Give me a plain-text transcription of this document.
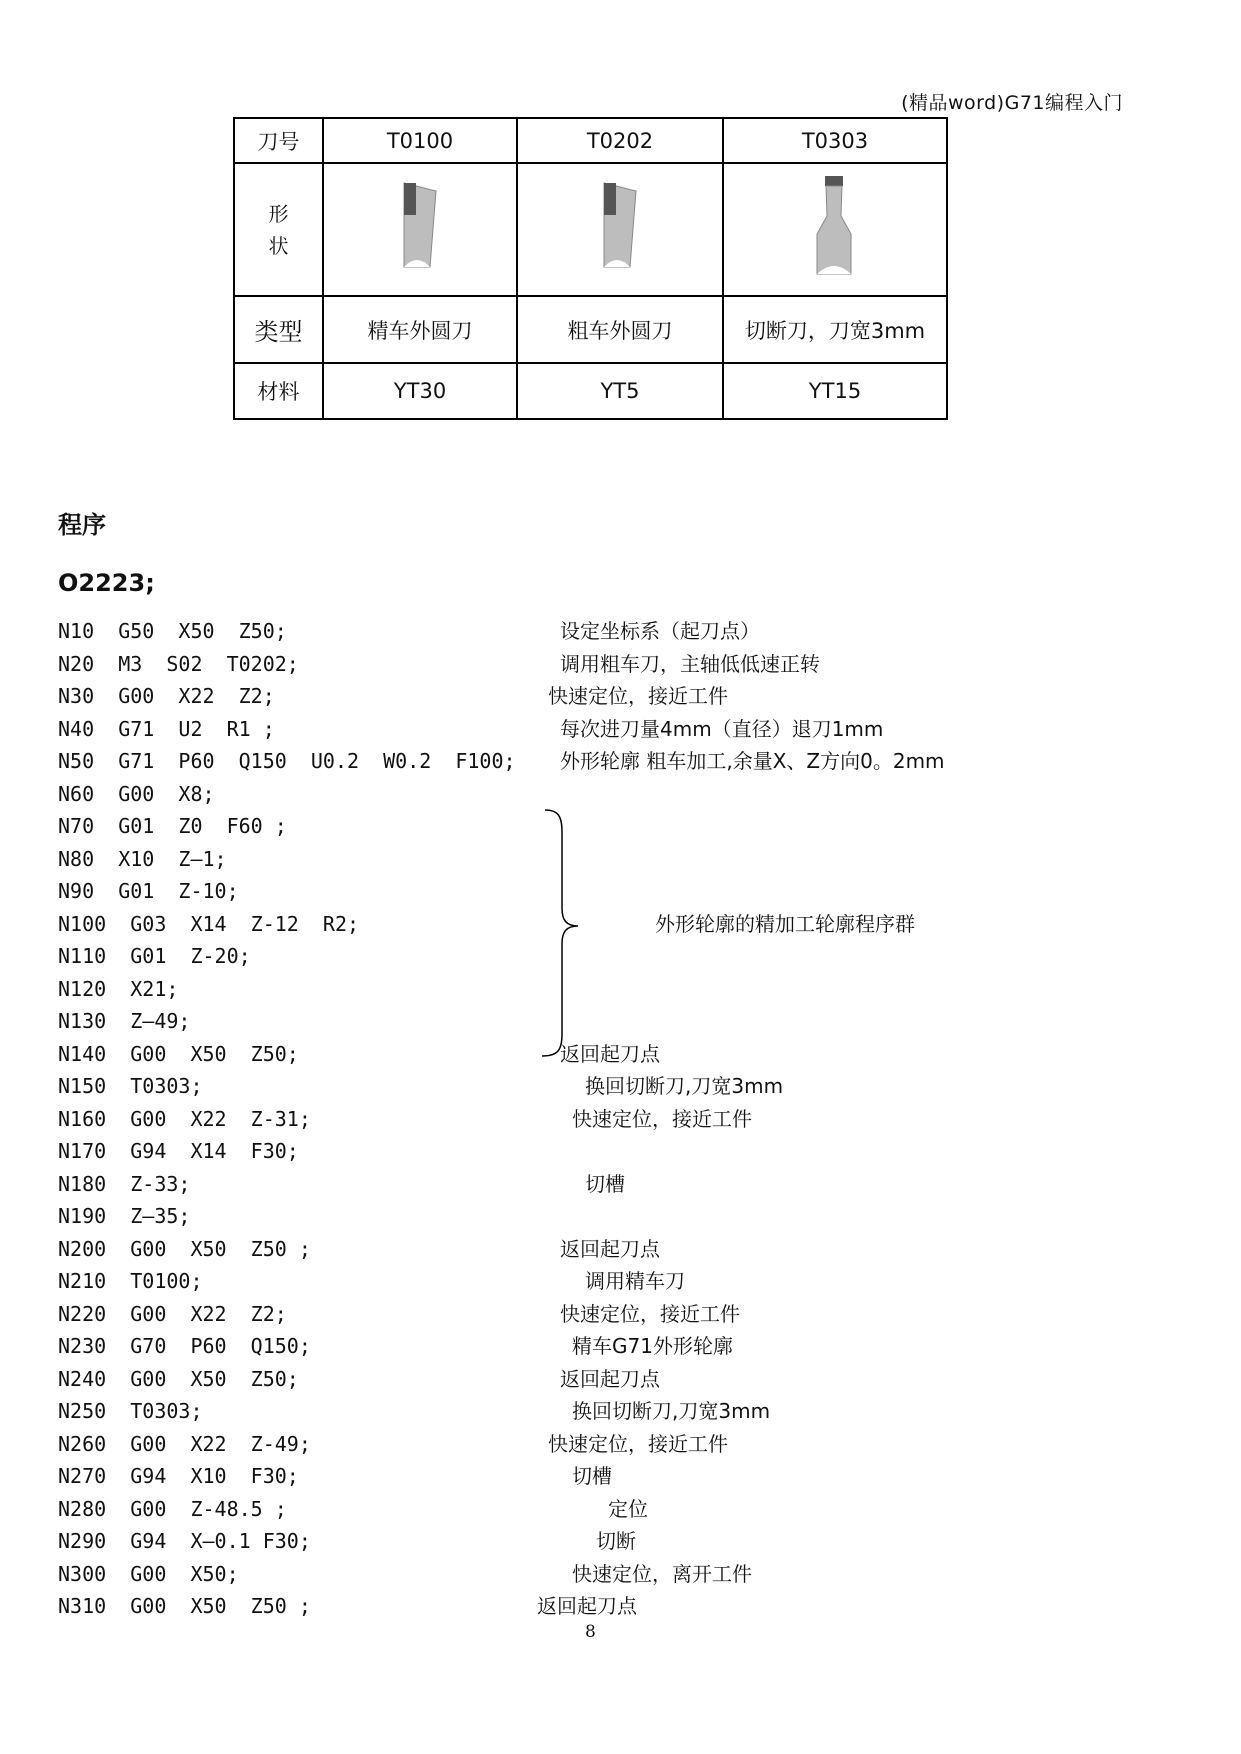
(精品word)G71编程入门
刀号	T0100	T0202	T0303
形状			
类型	精车外圆刀	粗车外圆刀	切断刀，刀宽3mm
材料	YT30	YT5	YT15
程序
O2223;
N10  G50  X50  Z50;	设定坐标系（起刀点）
N20  M3  S02  T0202;	调用粗车刀，主轴低低速正转
N30  G00  X22  Z2;	快速定位，接近工件
N40  G71  U2  R1 ;	每次进刀量4mm（直径）退刀1mm
N50  G71  P60  Q150  U0.2  W0.2  F100; 外形轮廓 粗车加工,余量X、Z方向0。2mm
N60  G00  X8;
N70  G01  Z0  F60 ;
N80  X10  Z—1;
N90  G01  Z-10;
N100  G03  X14  Z-12  R2;
N110  G01  Z-20;
N120  X21;
N130  Z—49;
N140  G00  X50  Z50;	返回起刀点
N150  T0303;	换回切断刀,刀宽3mm
N160  G00  X22  Z-31;	快速定位，接近工件
N170  G94  X14  F30;
N180  Z-33;	切槽
N190  Z—35;
N200  G00  X50  Z50 ;	返回起刀点
N210  T0100;	调用精车刀
N220  G00  X22  Z2;	快速定位，接近工件
N230  G70  P60  Q150;	精车G71外形轮廓
N240  G00  X50  Z50;	返回起刀点
N250  T0303;	换回切断刀,刀宽3mm
N260  G00  X22  Z-49;	快速定位，接近工件
N270  G94  X10  F30;	切槽
N280  G00  Z-48.5 ;	定位
N290  G94  X—0.1 F30;	切断
N300  G00  X50;	快速定位，离开工件
N310  G00  X50  Z50 ;	返回起刀点
外形轮廓的精加工轮廓程序群
8
